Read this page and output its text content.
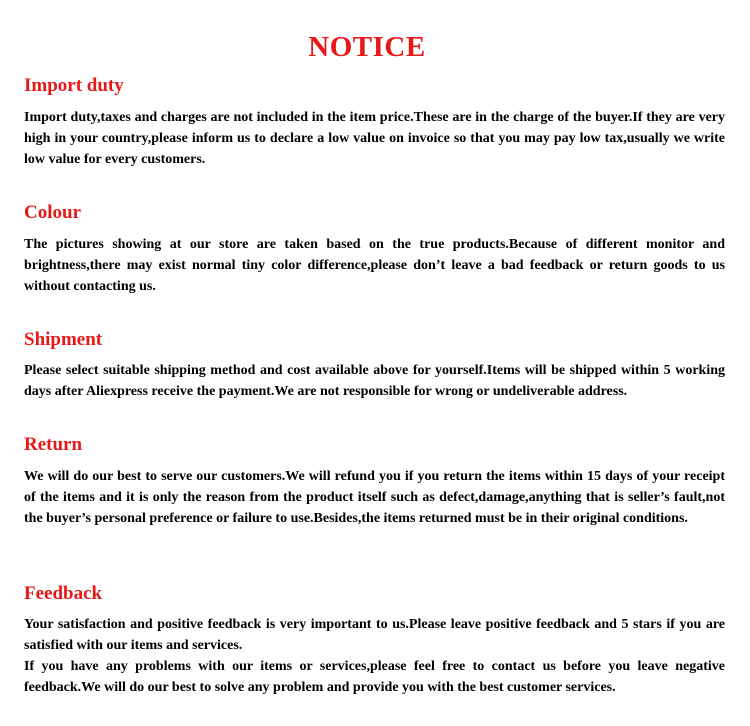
NOTICE
Import duty

Import duty,taxes and charges are not included in the item price.These are in the charge of the buyer.If they are very high in your country,please inform us to declare a low value on invoice so that you may pay low tax,usually we write low value for every customers.

Colour

The pictures showing at our store are taken based on the true products.Because of different monitor and brightness,there may exist normal tiny color difference,please don’t leave a bad feedback or return goods to us without contacting us.

Shipment

Please select suitable shipping method and cost available above for yourself.Items will be shipped within 5 working days after Aliexpress receive the payment.We are not responsible for wrong or undeliverable address.

Return

We will do our best to serve our customers.We will refund you if you return the items within 15 days of your receipt of the items and it is only the reason from the product itself such as defect,damage,anything that is seller’s fault,not the buyer’s personal preference or failure to use.Besides,the items returned must be in their original conditions.

Feedback

Your satisfaction and positive feedback is very important to us.Please leave positive feedback and 5 stars if you are satisfied with our items and services.

If you have any problems with our items or services,please feel free to contact us before you leave negative feedback.We will do our best to solve any problem and provide you with the best customer services.
